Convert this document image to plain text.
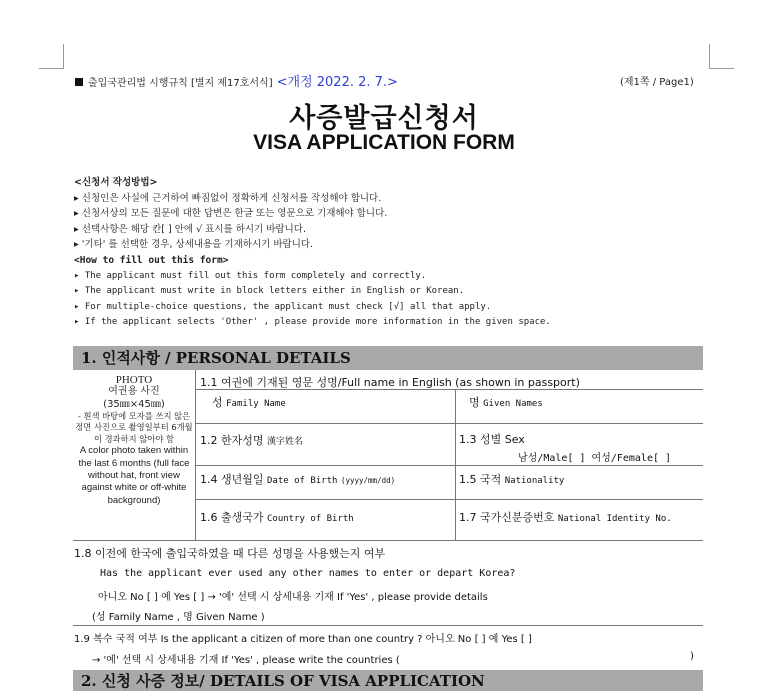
출입국관리법 시행규칙 [별지 제17호서식] <개정 2022. 2. 7.>	(제1쪽 / Page1)
사증발급신청서
VISA APPLICATION FORM
<신청서 작성방법>
▸ 신청인은 사실에 근거하여 빠짐없이 정확하게 신청서를 작성해야 합니다.
▸ 신청서상의 모든 질문에 대한 답변은 한글 또는 영문으로 기재해야 합니다.
▸ 선택사항은 해당 칸[ ] 안에 √ 표시를 하시기 바랍니다.
▸ '기타' 를 선택한 경우, 상세내용을 기재하시기 바랍니다.
<How to fill out this form>
▸ The applicant must fill out this form completely and correctly.
▸ The applicant must write in block letters either in English or Korean.
▸ For multiple-choice questions, the applicant must check [√] all that apply.
▸ If the applicant selects 'Other' , please provide more information in the given space.
1. 인적사항 / PERSONAL DETAILS
PHOTO
여권용 사진
(35㎜×45㎜)
- 흰색 바탕에 모자를 쓰지 않은 정면 사진으로 촬영일부터 6개월이 경과하지 않아야 함
A color photo taken within the last 6 months (full face without hat, front view against white or off-white background)
1.1 여권에 기재된 영문 성명/Full name in English (as shown in passport)
성 Family Name	명 Given Names
1.2 한자성명 漢字姓名	1.3 성별 Sex
남성/Male[ ] 여성/Female[ ]
1.4 생년월일 Date of Birth (yyyy/mm/dd)	1.5 국적 Nationality
1.6 출생국가 Country of Birth	1.7 국가신분증번호 National Identity No.
1.8 이전에 한국에 출입국하였을 때 다른 성명을 사용했는지 여부
Has the applicant ever used any other names to enter or depart Korea?
아니오 No [ ] 예 Yes [ ] → '예' 선택 시 상세내용 기재 If 'Yes' , please provide details
(성 Family Name , 명 Given Name )
1.9 복수 국적 여부 Is the applicant a citizen of more than one country ? 아니오 No [ ] 예 Yes [ ]
→ '예' 선택 시 상세내용 기재 If 'Yes' , please write the countries (	)
2. 신청 사증 정보/ DETAILS OF VISA APPLICATION
